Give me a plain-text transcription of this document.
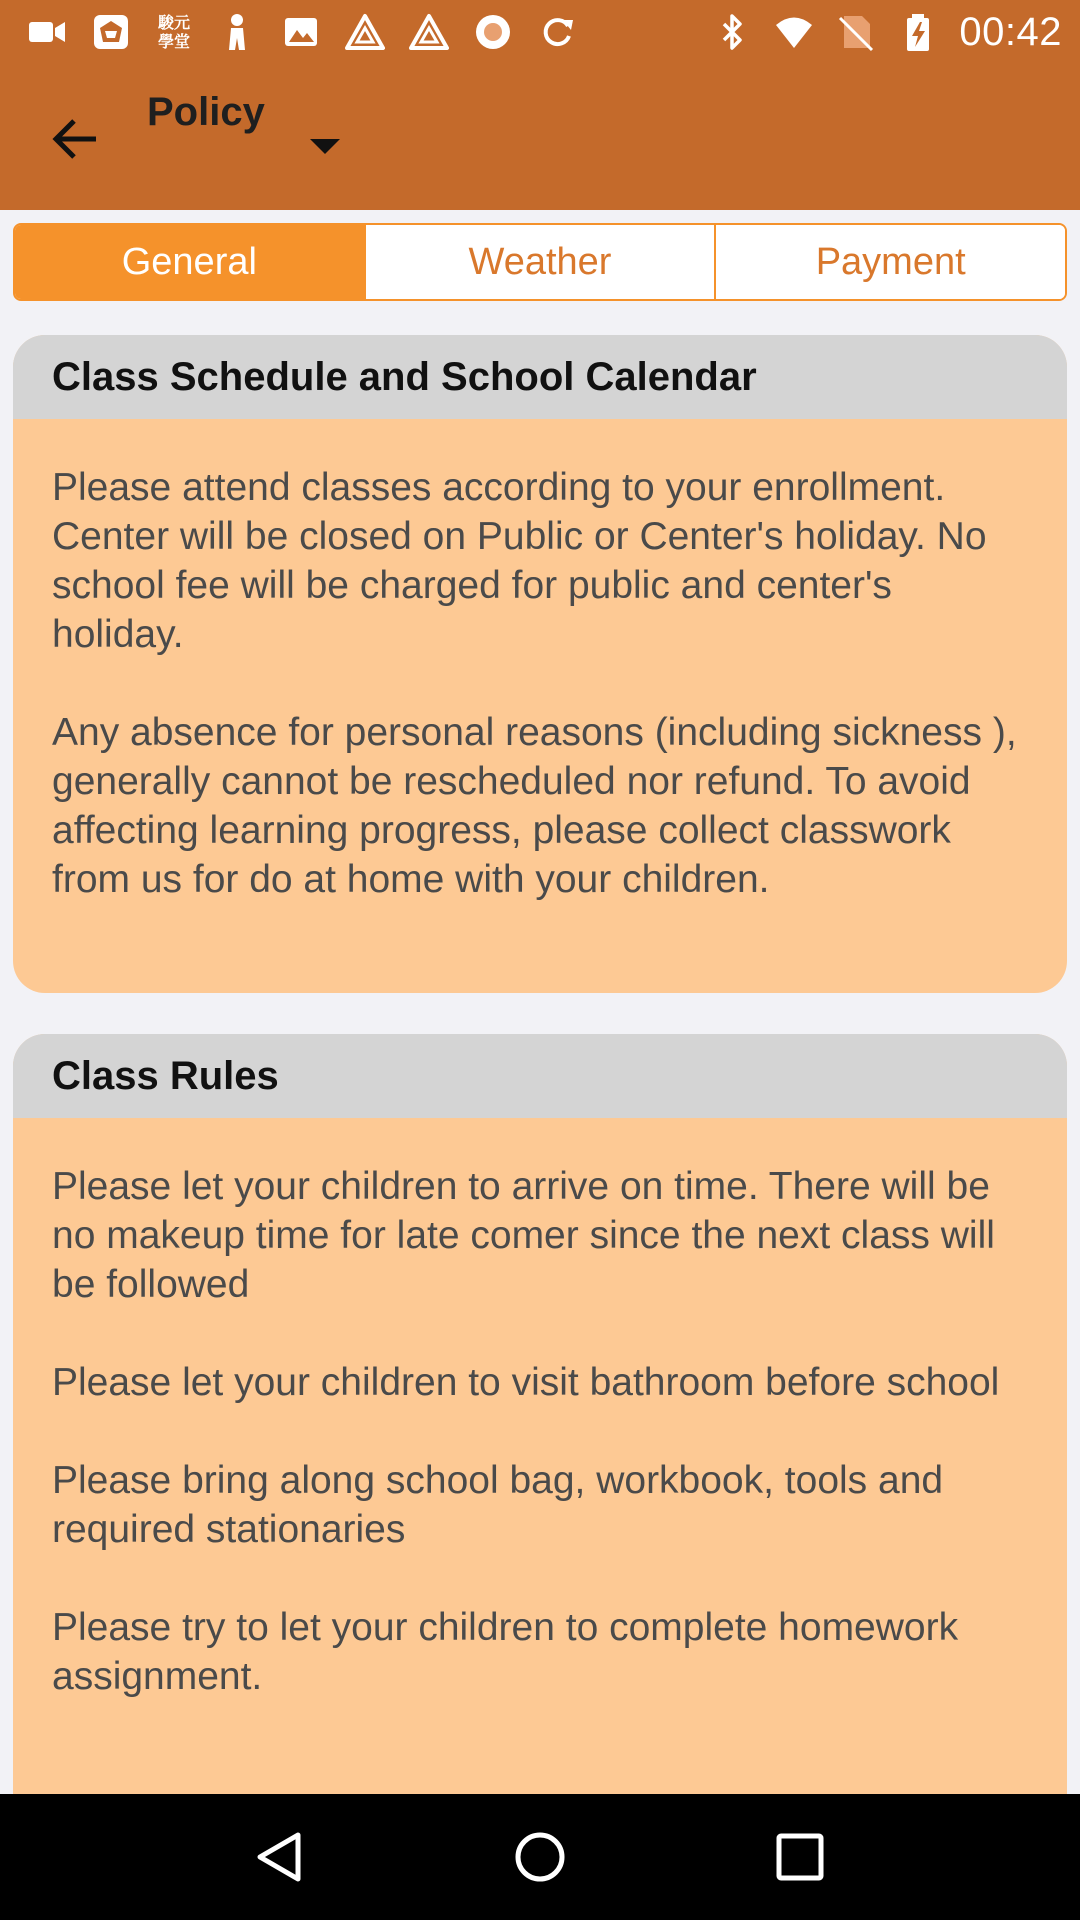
駿元
學堂	00:42
Policy
General	Weather	Payment
Class Schedule and School Calendar

Please attend classes according to your enrollment. Center will be closed on Public or Center's holiday. No school fee will be charged for public and center's holiday.

Any absence for personal reasons (including sickness ), generally cannot be rescheduled nor refund. To avoid affecting learning progress, please collect classwork from us for do at home with your children.

Class Rules

Please let your children to arrive on time. There will be no makeup time for late comer since the next class will be followed

Please let your children to visit bathroom before school

Please bring along school bag, workbook, tools and required stationaries

Please try to let your children to complete homework assignment.
